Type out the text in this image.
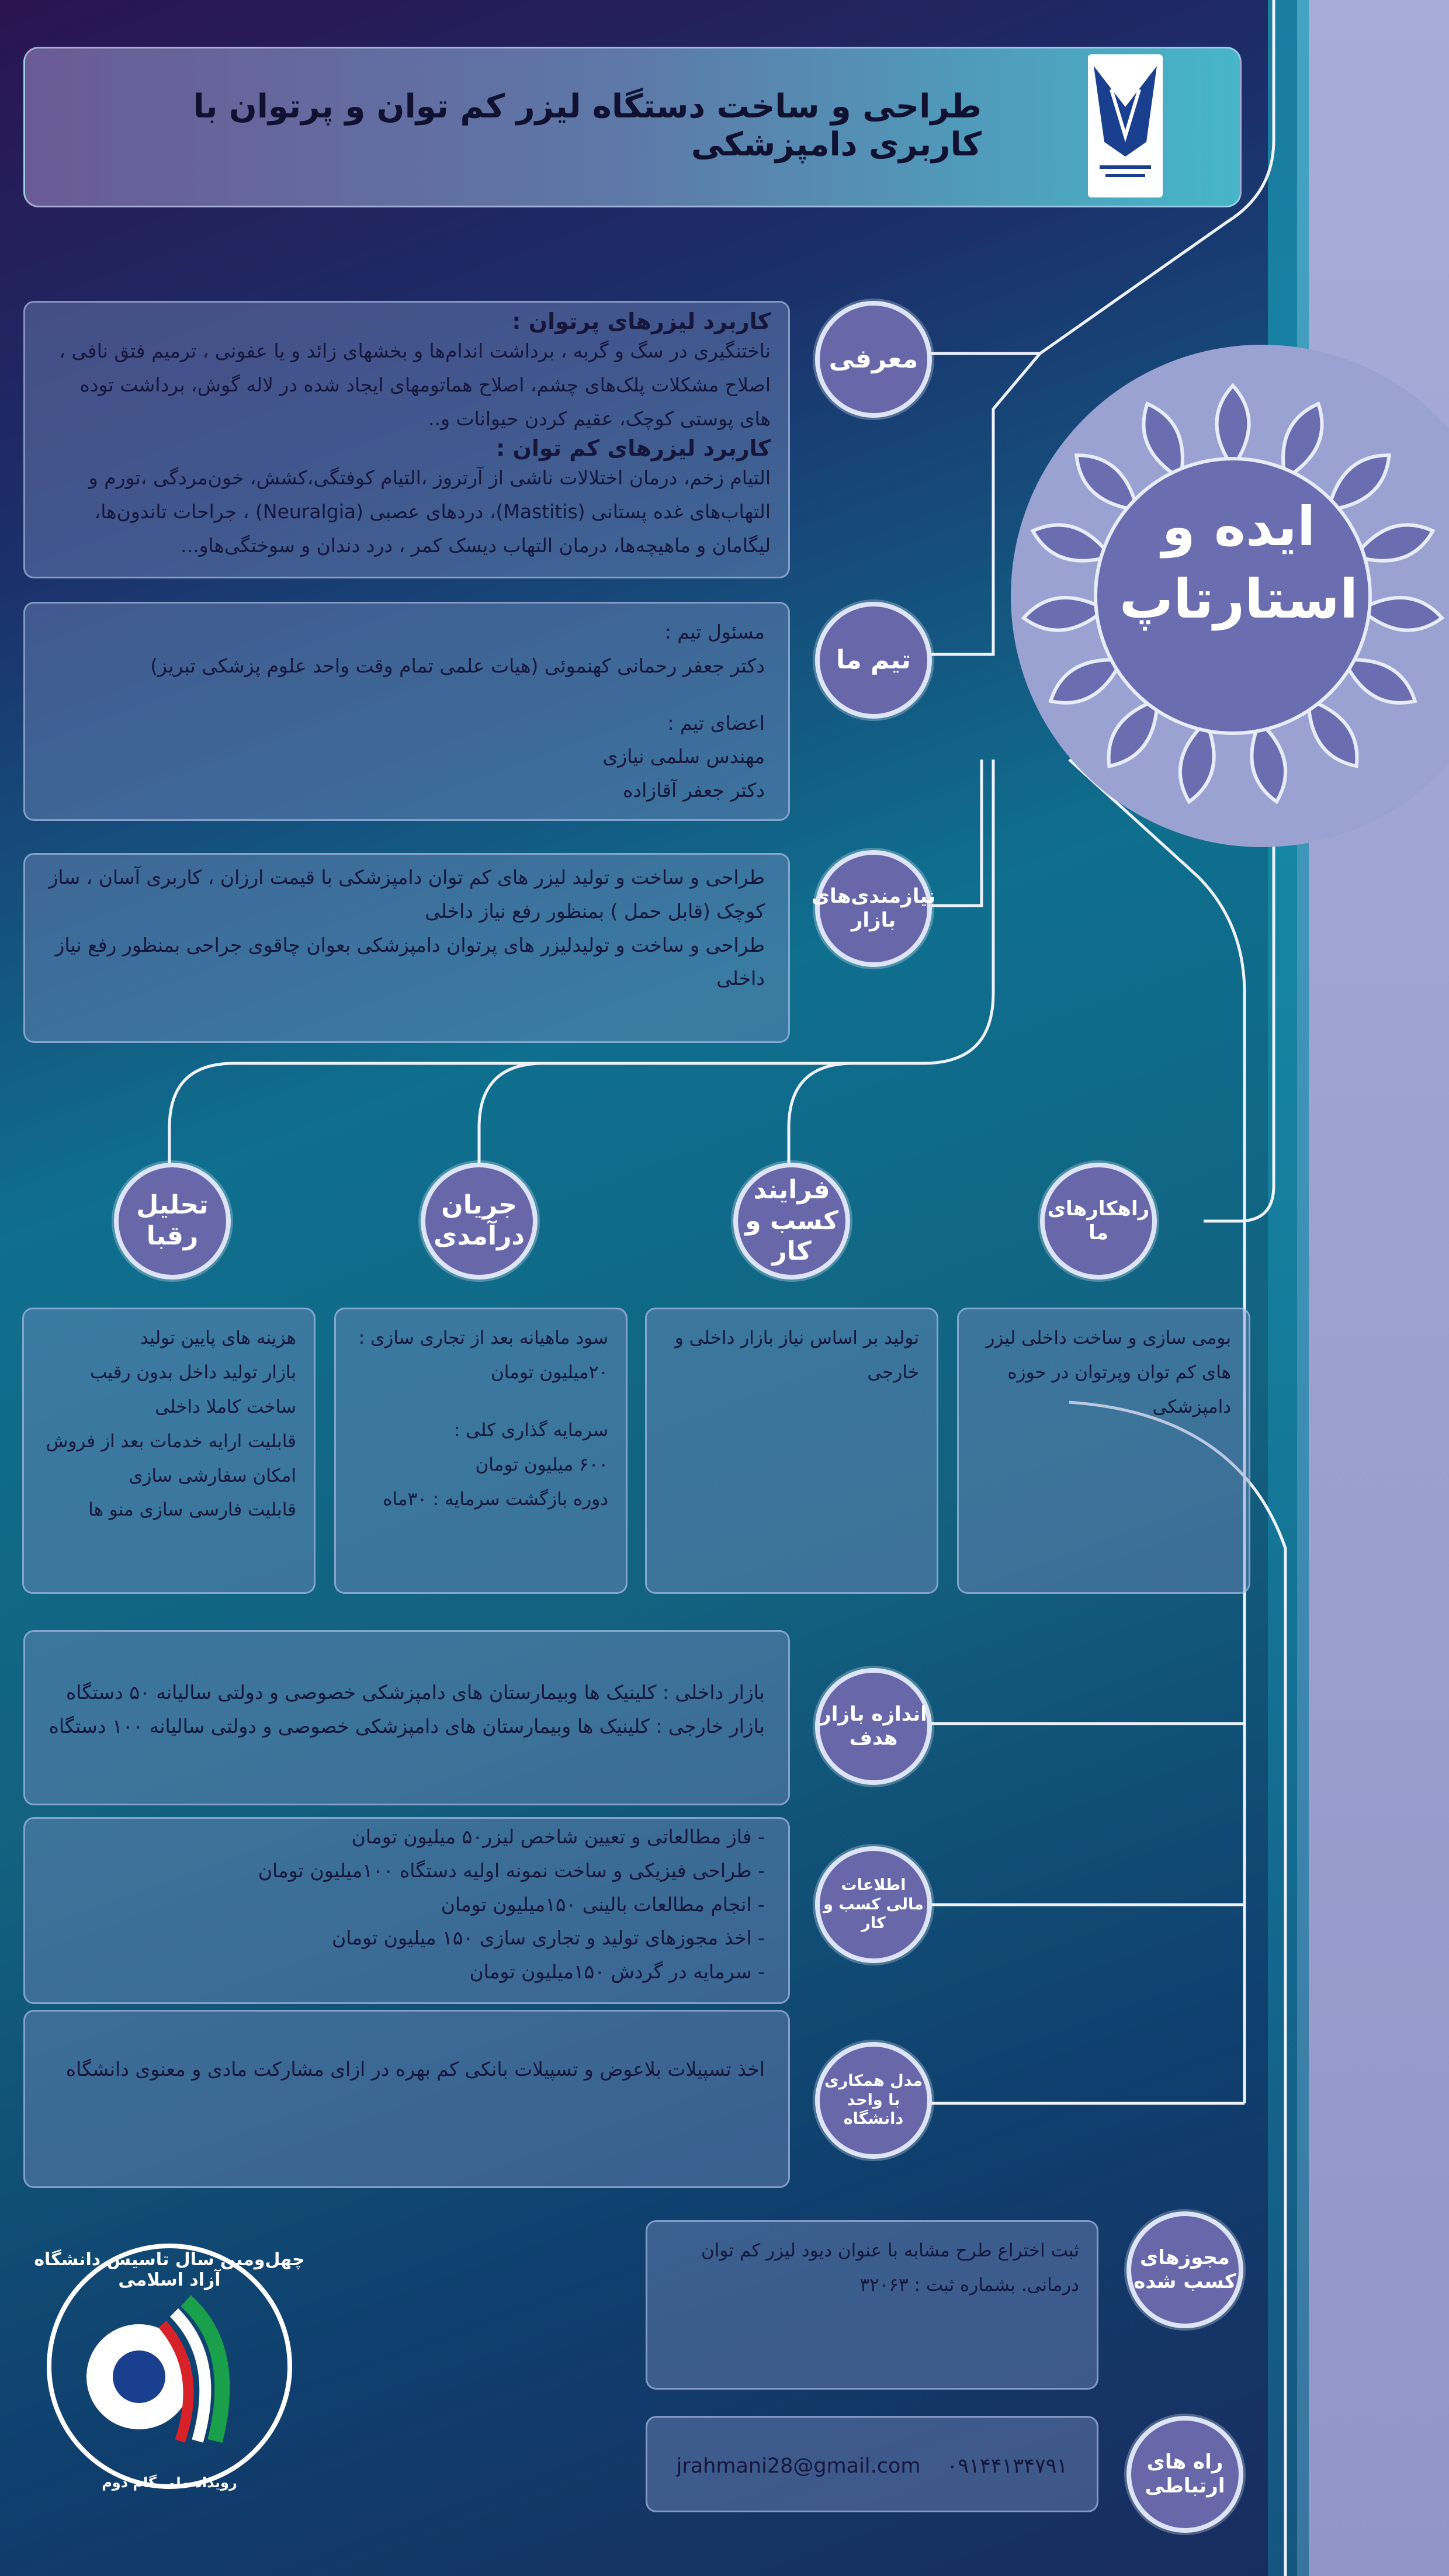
ایده و
استارتاپ
طراحی و ساخت دستگاه لیزر کم توان و پرتوان با کاربری دامپزشکی

کاربرد لیزرهای پرتوان :

ناختنگیری در سگ و گربه ، برداشت اندام‌ها و بخشهای زائد و یا عفونی ، ترمیم فتق نافی ، اصلاح مشکلات پلک‌های چشم، اصلاح هماتومهای ایجاد شده در لاله گوش، برداشت توده های پوستی کوچک، عقیم کردن حیوانات و..

کاربرد لیزرهای کم توان :

التیام زخم، درمان اختلالات ناشی از آرتروز ،التیام کوفتگی،کشش، خون‌مردگی ،تورم و التهاب‌های غده پستانی (Mastitis)، دردهای عصبی (Neuralgia) ، جراحات تاندون‌ها، لیگامان و ماهیچه‌ها، درمان التهاب دیسک کمر ، درد دندان و سوختگی‌هاو...

معرفی

مسئول تیم :

دکتر جعفر رحمانی کهنموئی (هیات علمی تمام وقت واحد علوم پزشکی تبریز)

اعضای تیم :

مهندس سلمی نیازی

دکتر جعفر آقازاده

تیم ما

طراحی و ساخت و تولید لیزر های کم توان دامپزشکی با قیمت ارزان ، کاربری آسان ، ساز کوچک (قابل حمل ) بمنظور رفع نیاز داخلی

طراحی و ساخت و تولیدلیزر های پرتوان دامپزشکی بعوان چاقوی جراحی بمنظور رفع نیاز داخلی

نیازمندی‌های بازار
راهکارهای ما
فرایند کسب و کار
جریان درآمدی
تحلیل رقبا

بومی سازی و ساخت داخلی لیزر های کم توان وپرتوان در حوزه دامپزشکی

تولید بر اساس نیاز بازار داخلی و خارجی

سود ماهیانه بعد از تجاری سازی :

۲۰میلیون تومان

سرمایه گذاری کلی :

۶۰۰ میلیون تومان

دوره بازگشت سرمایه : ۳۰ماه

هزینه های پایین تولید

بازار تولید داخل بدون رقیب

ساخت کاملا داخلی

قابلیت ارایه خدمات بعد از فروش

امکان سفارشی سازی

قابلیت فارسی سازی منو ها

بازار داخلی : کلینیک ها وبیمارستان های دامپزشکی خصوصی و دولتی سالیانه ۵۰ دستگاه

بازار خارجی : کلینیک ها وبیمارستان های دامپزشکی خصوصی و دولتی سالیانه ۱۰۰ دستگاه

اندازه بازار هدف

- فاز مطالعاتی و تعیین شاخص لیزر۵۰ میلیون تومان

- طراحی فیزیکی و ساخت نمونه اولیه دستگاه ۱۰۰میلیون تومان

- انجام مطالعات بالینی ۱۵۰میلیون تومان

- اخذ مجوزهای تولید و تجاری سازی ۱۵۰ میلیون تومان

- سرمایه در گردش ۱۵۰میلیون تومان

اطلاعات مالی کسب و کار

اخذ تسپیلات بلاعوض و تسپیلات بانکی کم بهره در ازای مشارکت مادی و معنوی دانشگاه

مدل همکاری با واحد دانشگاه

ثبت اختراع طرح مشابه با عنوان دیود لیزر کم توان درمانی. بشماره ثبت : ۳۲۰۶۳

مجوزهای کسب شده
jrahmani28@gmail.com ۰۹۱۴۴۱۳۴۷۹۱	راه های ارتباطی
چهل‌ومین سال تاسیس دانشگاه آزاد اسلامی
رویداد ملی گام دوم
